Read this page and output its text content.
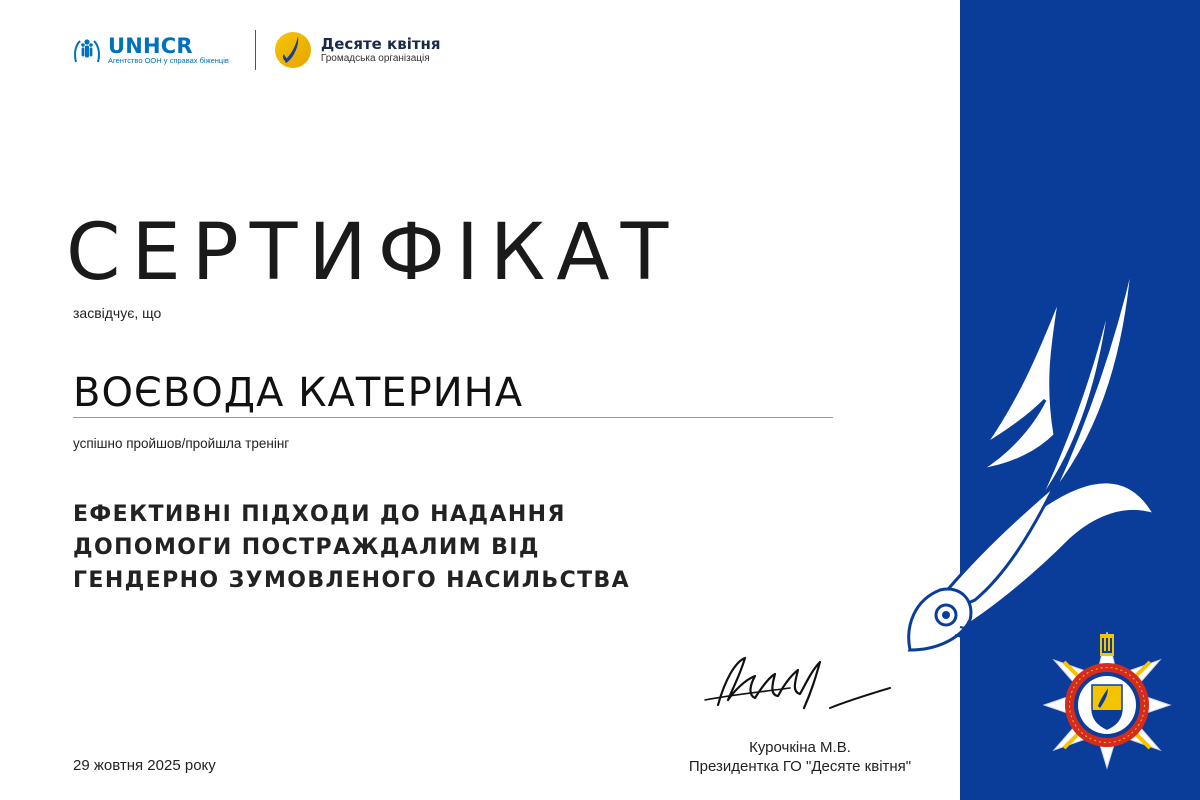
UNHCR
Агентство ООН у справах біженців
Десяте квітня
Громадська організація
СЕРТИФІКАТ
засвідчує, що
ВОЄВОДА КАТЕРИНА
успішно пройшов/пройшла тренінг
ЕФЕКТИВНІ ПІДХОДИ ДО НАДАННЯ
ДОПОМОГИ ПОСТРАЖДАЛИМ ВІД
ГЕНДЕРНО ЗУМОВЛЕНОГО НАСИЛЬСТВА
29 жовтня 2025 року
Курочкіна М.В.
Президентка ГО "Десяте квітня"
